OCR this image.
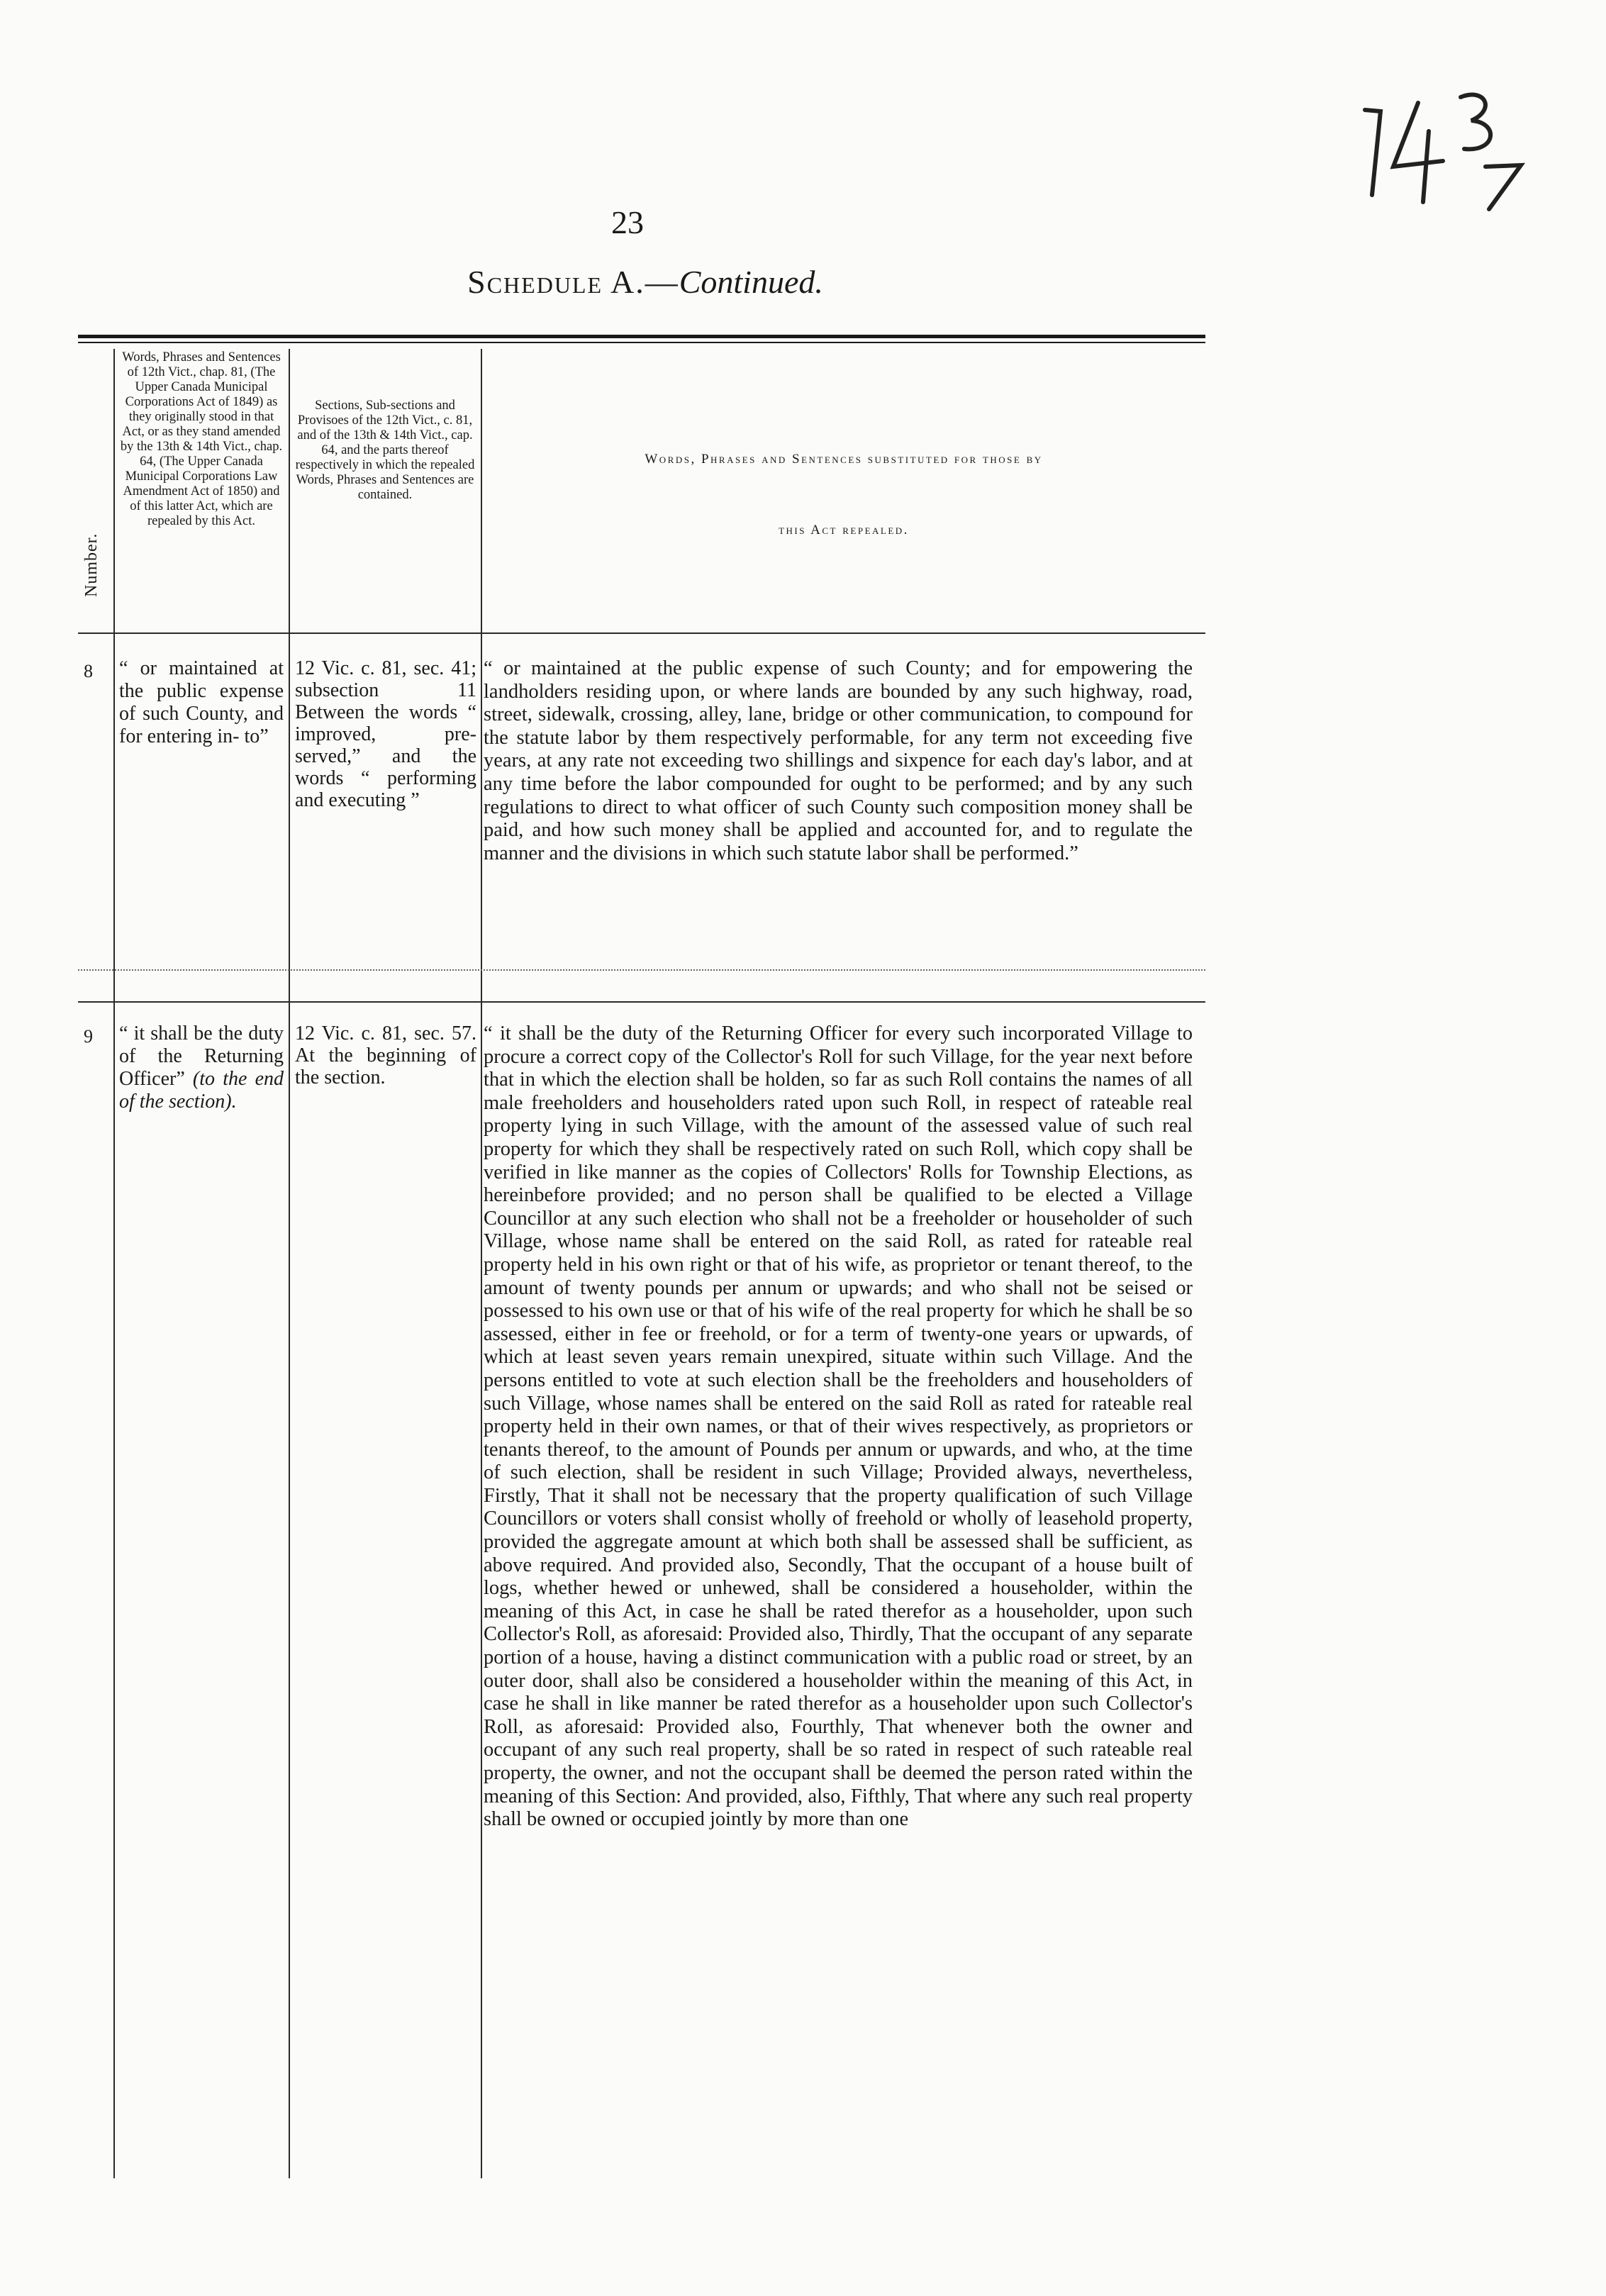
23
Schedule A.—Continued.
Number.
Words, Phrases and Sentences of 12th Vict., chap. 81, (The Upper Canada Municipal Corporations Act of 1849) as they originally stood in that Act, or as they stand amended by the 13th & 14th Vict., chap. 64, (The Upper Canada Municipal Corporations Law Amendment Act of 1850) and of this latter Act, which are repealed by this Act.
Sections, Sub-sections and Provisoes of the 12th Vict., c. 81, and of the 13th & 14th Vict., cap. 64, and the parts thereof respectively in which the repealed Words, Phrases and Sentences are contained.
Words, Phrases and Sentences substituted for those by
this Act repealed.
8	“ or maintained at the public expense of such County, and for entering in- to”
12 Vic. c. 81, sec. 41; subsection 11 Between the words “ improved, pre- served,” and the words “ performing and executing ”
“ or maintained at the public expense of such County; and for empowering the landholders residing upon, or where lands are bounded by any such highway, road, street, sidewalk, crossing, alley, lane, bridge or other communication, to compound for the statute labor by them respectively performable, for any term not exceeding five years, at any rate not exceeding two shillings and sixpence for each day's labor, and at any time before the labor compounded for ought to be performed; and by any such regulations to direct to what officer of such County such composition money shall be paid, and how such money shall be applied and accounted for, and to regulate the manner and the divisions in which such statute labor shall be performed.”
9	“ it shall be the duty of the Returning Officer” (to the end of the section).
12 Vic. c. 81, sec. 57. At the beginning of the section.
“ it shall be the duty of the Returning Officer for every such incorporated Village to procure a correct copy of the Collector's Roll for such Village, for the year next before that in which the election shall be holden, so far as such Roll contains the names of all male freeholders and householders rated upon such Roll, in respect of rateable real property lying in such Village, with the amount of the assessed value of such real property for which they shall be respectively rated on such Roll, which copy shall be verified in like manner as the copies of Collectors' Rolls for Township Elections, as hereinbefore provided; and no person shall be qualified to be elected a Village Councillor at any such election who shall not be a freeholder or householder of such Village, whose name shall be entered on the said Roll, as rated for rateable real property held in his own right or that of his wife, as proprietor or tenant thereof, to the amount of twenty pounds per annum or upwards; and who shall not be seised or possessed to his own use or that of his wife of the real property for which he shall be so assessed, either in fee or freehold, or for a term of twenty-one years or upwards, of which at least seven years remain unexpired, situate within such Village. And the persons entitled to vote at such election shall be the freeholders and householders of such Village, whose names shall be entered on the said Roll as rated for rateable real property held in their own names, or that of their wives respectively, as proprietors or tenants thereof, to the amount of Pounds per annum or upwards, and who, at the time of such election, shall be resident in such Village; Provided always, nevertheless, Firstly, That it shall not be necessary that the property qualification of such Village Councillors or voters shall consist wholly of freehold or wholly of leasehold property, provided the aggregate amount at which both shall be assessed shall be sufficient, as above required. And provided also, Secondly, That the occupant of a house built of logs, whether hewed or unhewed, shall be considered a householder, within the meaning of this Act, in case he shall be rated therefor as a householder, upon such Collector's Roll, as aforesaid: Provided also, Thirdly, That the occupant of any separate portion of a house, having a distinct communication with a public road or street, by an outer door, shall also be considered a householder within the meaning of this Act, in case he shall in like manner be rated therefor as a householder upon such Collector's Roll, as aforesaid: Provided also, Fourthly, That whenever both the owner and occupant of any such real property, shall be so rated in respect of such rateable real property, the owner, and not the occupant shall be deemed the person rated within the meaning of this Section: And provided, also, Fifthly, That where any such real property shall be owned or occupied jointly by more than one
